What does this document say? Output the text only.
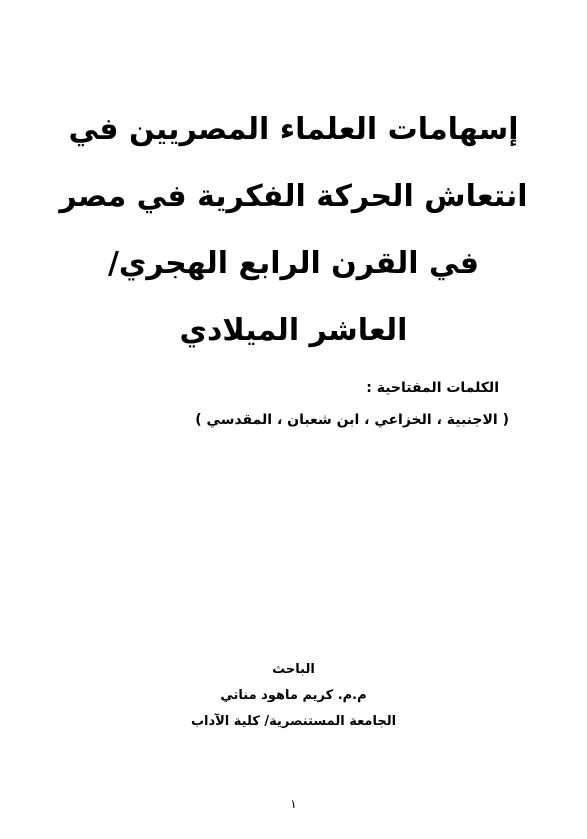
إسهامات العلماء المصريين في
انتعاش الحركة الفكرية في مصر
في القرن الرابع الهجري/
العاشر الميلادي
الكلمات المفتاحية :
( الاجنبية ، الخزاعي ، ابن شعبان ، المقدسي )
الباحث
م.م. كريم ماهود مناتي
الجامعة المستنصرية/ كلية الآداب
١
